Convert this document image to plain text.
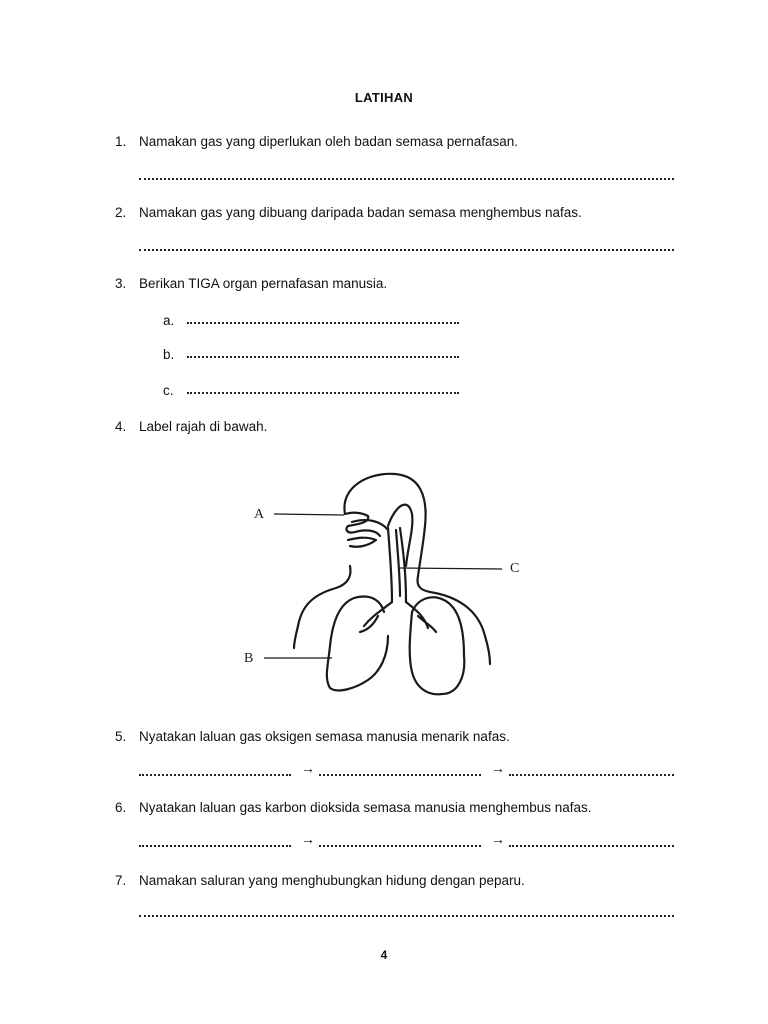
LATIHAN
1. Namakan gas yang diperlukan oleh badan semasa pernafasan.
2. Namakan gas yang dibuang daripada badan semasa menghembus nafas.
3. Berikan TIGA organ pernafasan manusia.
a.
b.
c.
4. Label rajah di bawah.
A
C
B
5. Nyatakan laluan gas oksigen semasa manusia menarik nafas.
→	→
6. Nyatakan laluan gas karbon dioksida semasa manusia menghembus nafas.
→	→
7. Namakan saluran yang menghubungkan hidung dengan peparu.
4
